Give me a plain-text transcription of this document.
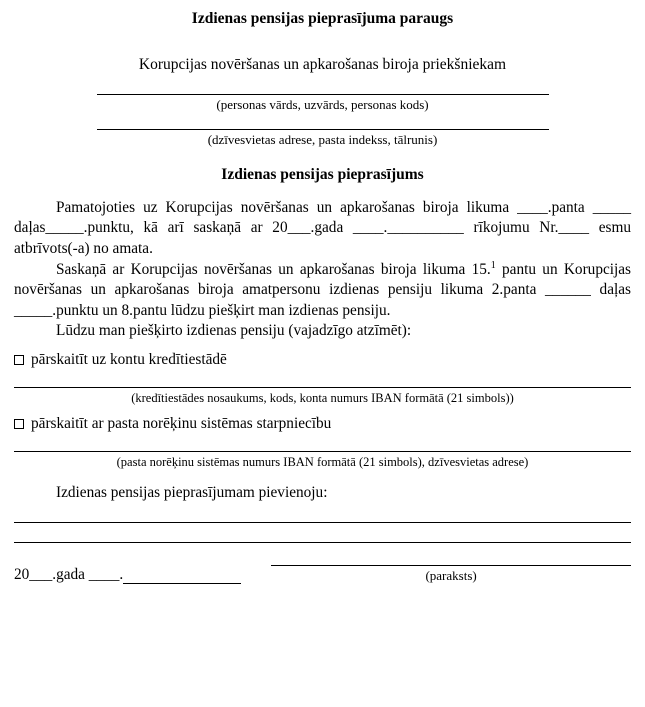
Izdienas pensijas pieprasījuma paraugs
Korupcijas novēršanas un apkarošanas biroja priekšniekam
(personas vārds, uzvārds, personas kods)
(dzīvesvietas adrese, pasta indekss, tālrunis)
Izdienas pensijas pieprasījums

Pamatojoties uz Korupcijas novēršanas un apkarošanas biroja likuma ____.panta _____ daļas_____.punktu, kā arī saskaņā ar 20___.gada ____.__________ rīkojumu Nr.____ esmu atbrīvots(-a) no amata.

Saskaņā ar Korupcijas novēršanas un apkarošanas biroja likuma 15.$^1$ pantu un Korupcijas novēršanas un apkarošanas biroja amatpersonu izdienas pensiju likuma 2.panta ______ daļas _____.punktu un 8.pantu lūdzu piešķirt man izdienas pensiju.

Lūdzu man piešķirto izdienas pensiju (vajadzīgo atzīmēt):

pārskaitīt uz kontu kredītiestādē
(kredītiestādes nosaukums, kods, konta numurs IBAN formātā (21 simbols))
pārskaitīt ar pasta norēķinu sistēmas starpniecību
(pasta norēķinu sistēmas numurs IBAN formātā (21 simbols), dzīvesvietas adrese)

Izdienas pensijas pieprasījumam pievienoju:

20___.gada ____.	(paraksts)
